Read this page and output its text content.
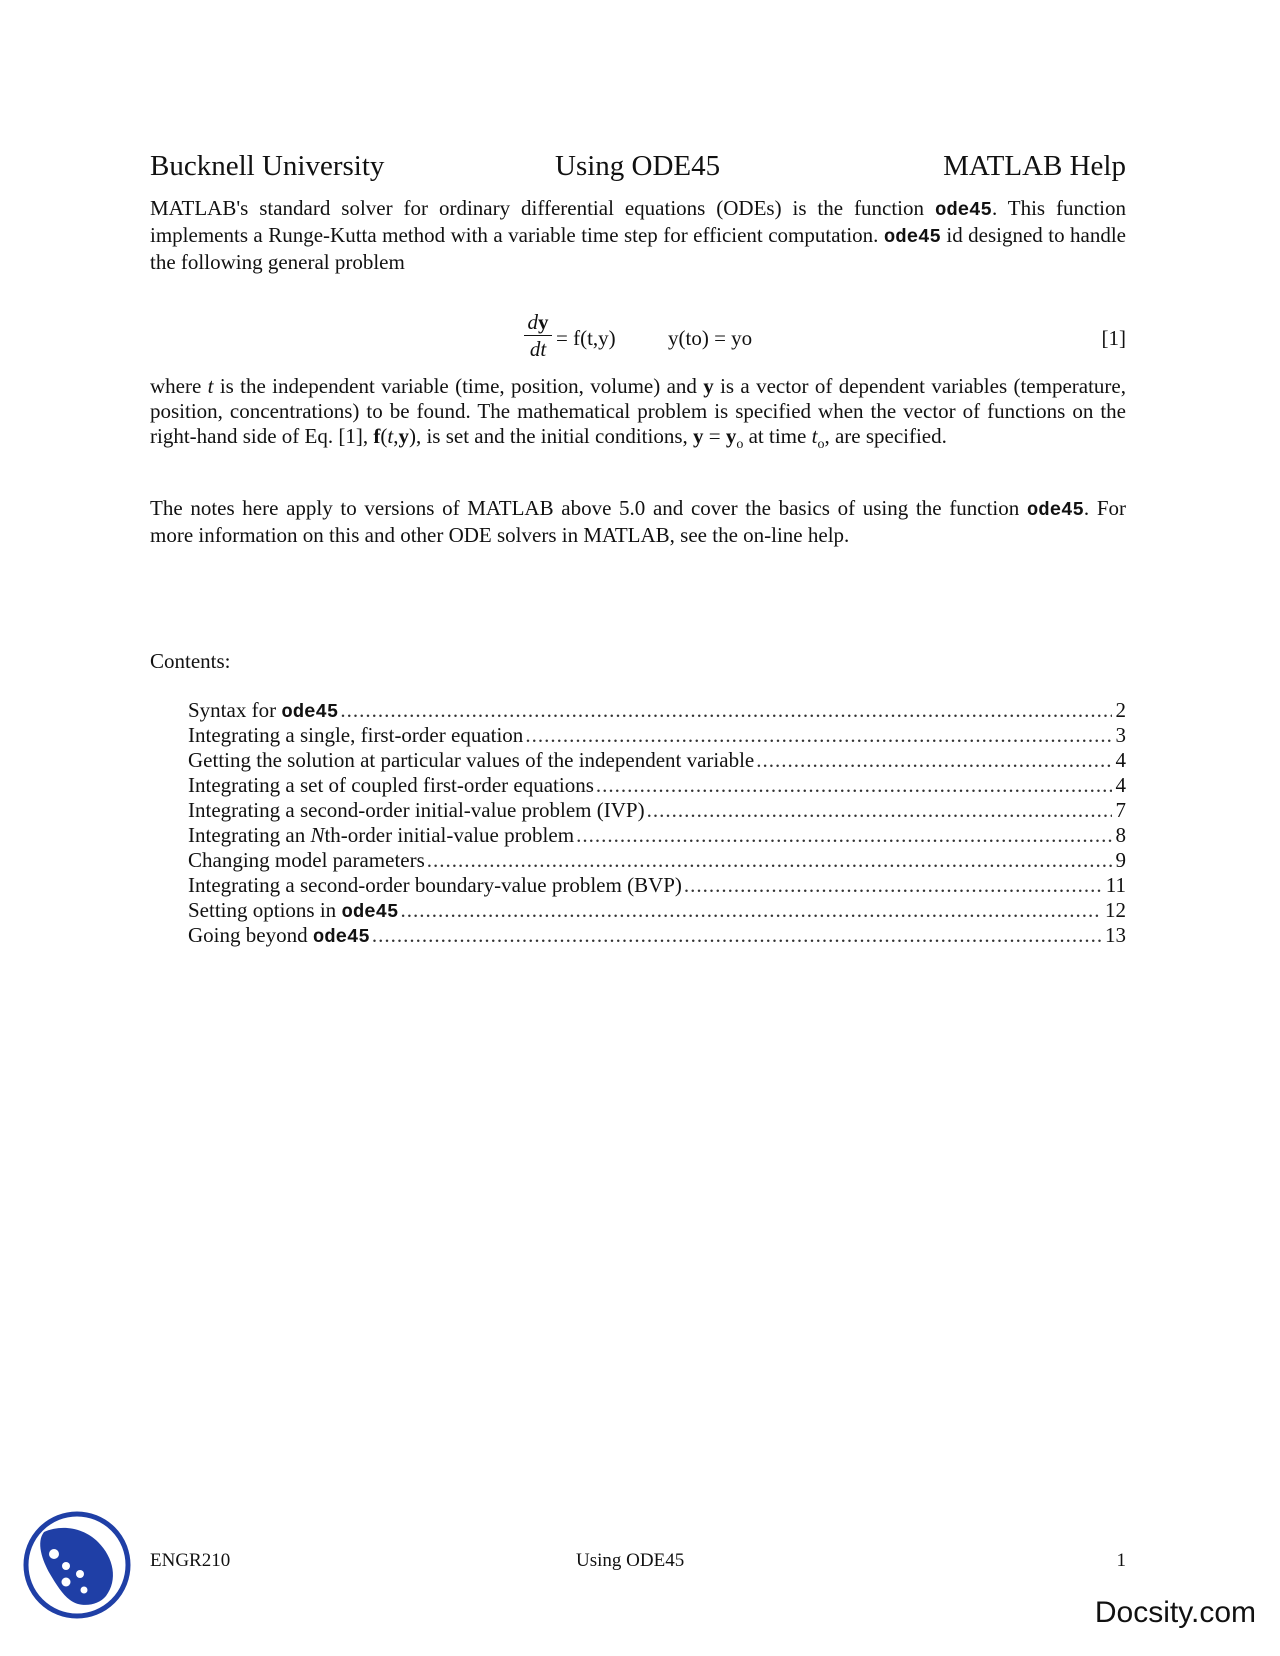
Bucknell University	Using ODE45	MATLAB Help
MATLAB's standard solver for ordinary differential equations (ODEs) is the function ode45. This function implements a Runge-Kutta method with a variable time step for efficient computation. ode45 id designed to handle the following general problem
dy
dt = f(t,y) y(to) = yo	[1]
where t is the independent variable (time, position, volume) and y is a vector of dependent variables (temperature, position, concentrations) to be found. The mathematical problem is specified when the vector of functions on the right-hand side of Eq. [1], f(t,y), is set and the initial conditions, $y = y_o$ at time $t_o$, are specified.
The notes here apply to versions of MATLAB above 5.0 and cover the basics of using the function ode45. For more information on this and other ODE solvers in MATLAB, see the on-line help.
Contents:
Syntax for ode45 .....	2
Integrating a single, first-order equation .....	3
Getting the solution at particular values of the independent variable .....	4
Integrating a set of coupled first-order equations .....	4
Integrating a second-order initial-value problem (IVP) .....	7
Integrating an Nth-order initial-value problem .....	8
Changing model parameters .....	9
Integrating a second-order boundary-value problem (BVP) .....	11
Setting options in ode45 .....	12
Going beyond ode45 .....	13
ENGR210	Using ODE45	1
Docsity.com
